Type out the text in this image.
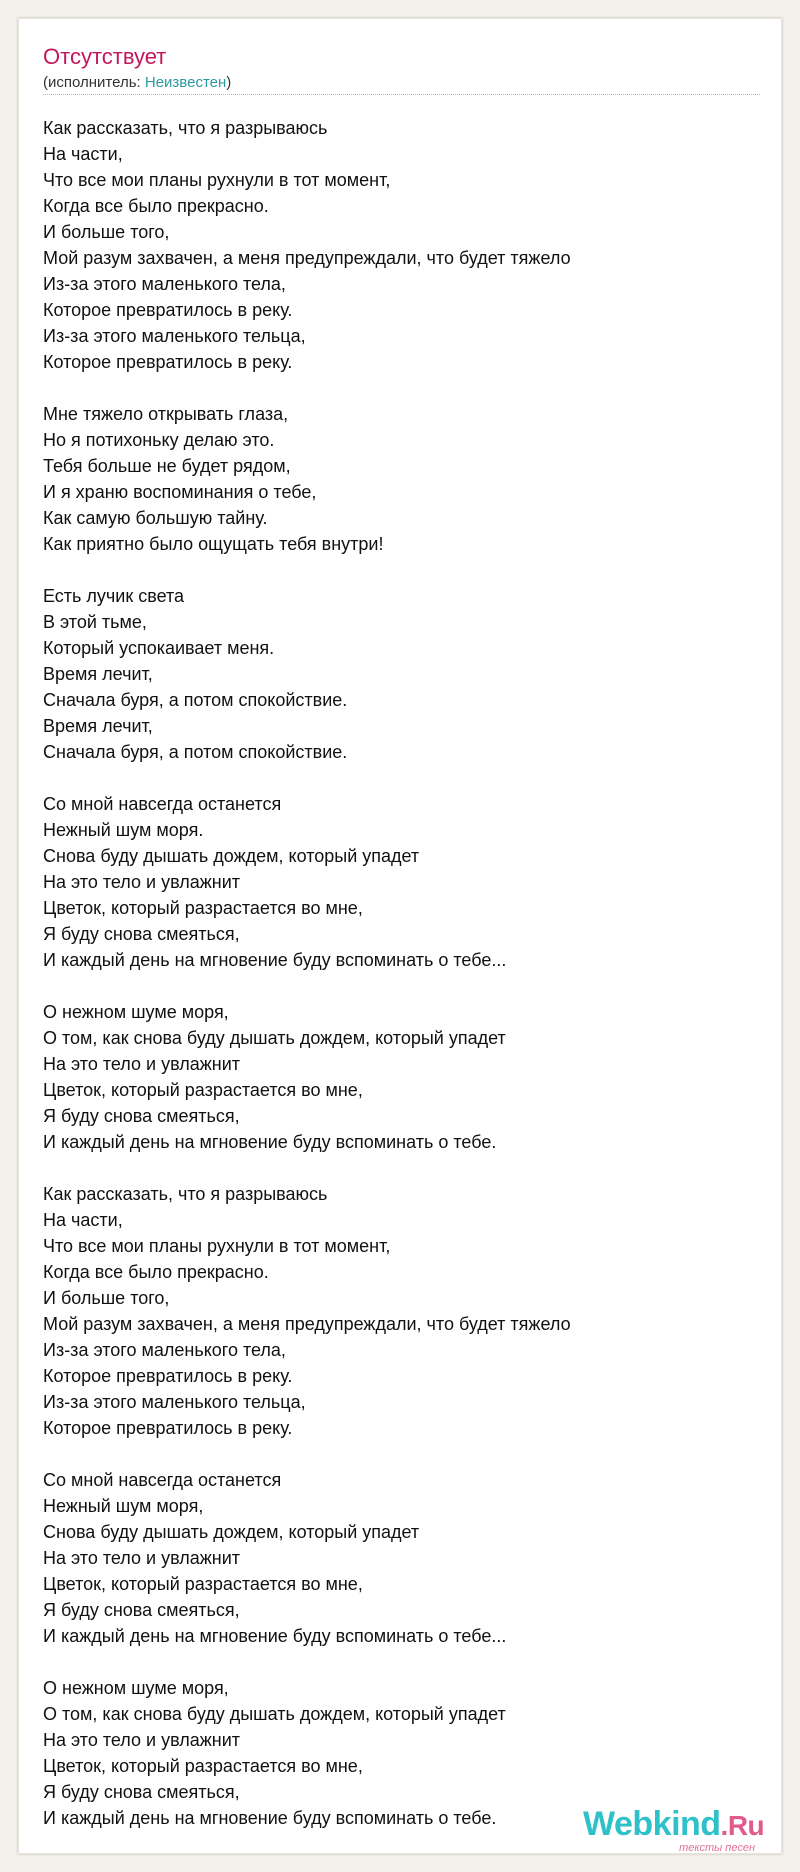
Отсутствует
(исполнитель: Неизвестен)
Как рассказать, что я разрываюсь
На части,
Что все мои планы рухнули в тот момент,
Когда все было прекрасно.
И больше того,
Мой разум захвачен, а меня предупреждали, что будет тяжело
Из-за этого маленького тела,
Которое превратилось в реку.
Из-за этого маленького тельца,
Которое превратилось в реку.
Мне тяжело открывать глаза,
Но я потихоньку делаю это.
Тебя больше не будет рядом,
И я храню воспоминания о тебе,
Как самую большую тайну.
Как приятно было ощущать тебя внутри!
Есть лучик света
В этой тьме,
Который успокаивает меня.
Время лечит,
Сначала буря, а потом спокойствие.
Время лечит,
Сначала буря, а потом спокойствие.
Со мной навсегда останется
Нежный шум моря.
Снова буду дышать дождем, который упадет
На это тело и увлажнит
Цветок, который разрастается во мне,
Я буду снова смеяться,
И каждый день на мгновение буду вспоминать о тебе...
О нежном шуме моря,
О том, как снова буду дышать дождем, который упадет
На это тело и увлажнит
Цветок, который разрастается во мне,
Я буду снова смеяться,
И каждый день на мгновение буду вспоминать о тебе.
Как рассказать, что я разрываюсь
На части,
Что все мои планы рухнули в тот момент,
Когда все было прекрасно.
И больше того,
Мой разум захвачен, а меня предупреждали, что будет тяжело
Из-за этого маленького тела,
Которое превратилось в реку.
Из-за этого маленького тельца,
Которое превратилось в реку.
Со мной навсегда останется
Нежный шум моря,
Снова буду дышать дождем, который упадет
На это тело и увлажнит
Цветок, который разрастается во мне,
Я буду снова смеяться,
И каждый день на мгновение буду вспоминать о тебе...
О нежном шуме моря,
О том, как снова буду дышать дождем, который упадет
На это тело и увлажнит
Цветок, который разрастается во мне,
Я буду снова смеяться,
И каждый день на мгновение буду вспоминать о тебе.	Webkind.Ru
тексты песен
